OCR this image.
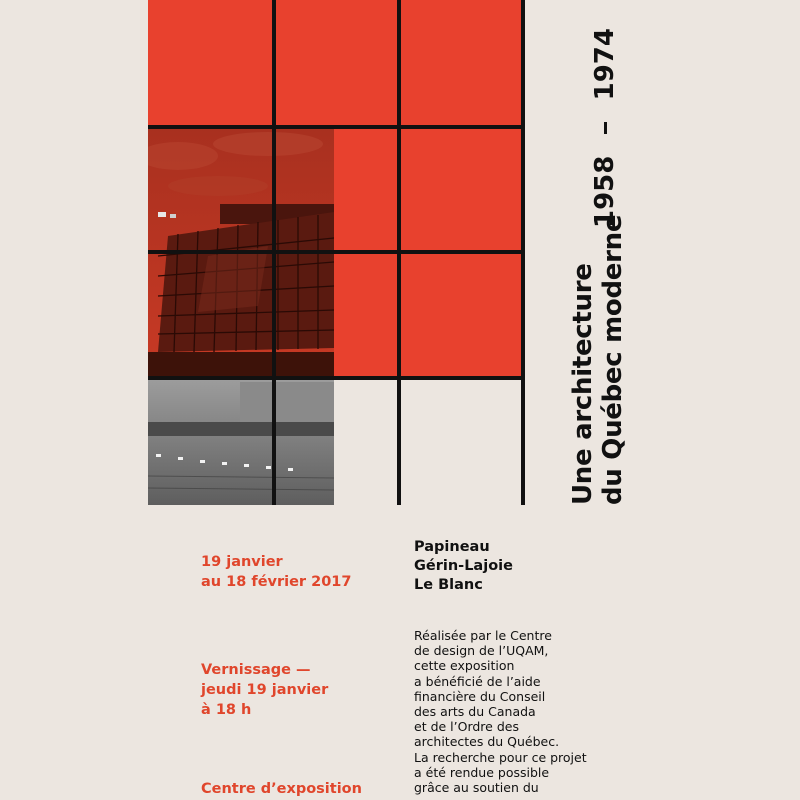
Une architecture du Québec moderne
1958
1974
19 janvier
au 18 février 2017
Vernissage —
jeudi 19 janvier
à 18 h
Centre d’exposition
Papineau
Gérin-Lajoie
Le Blanc
Réalisée par le Centre
de design de l’UQAM,
cette exposition
a bénéficié de l’aide
financière du Conseil
des arts du Canada
et de l’Ordre des
architectes du Québec.
La recherche pour ce projet
a été rendue possible
grâce au soutien du
